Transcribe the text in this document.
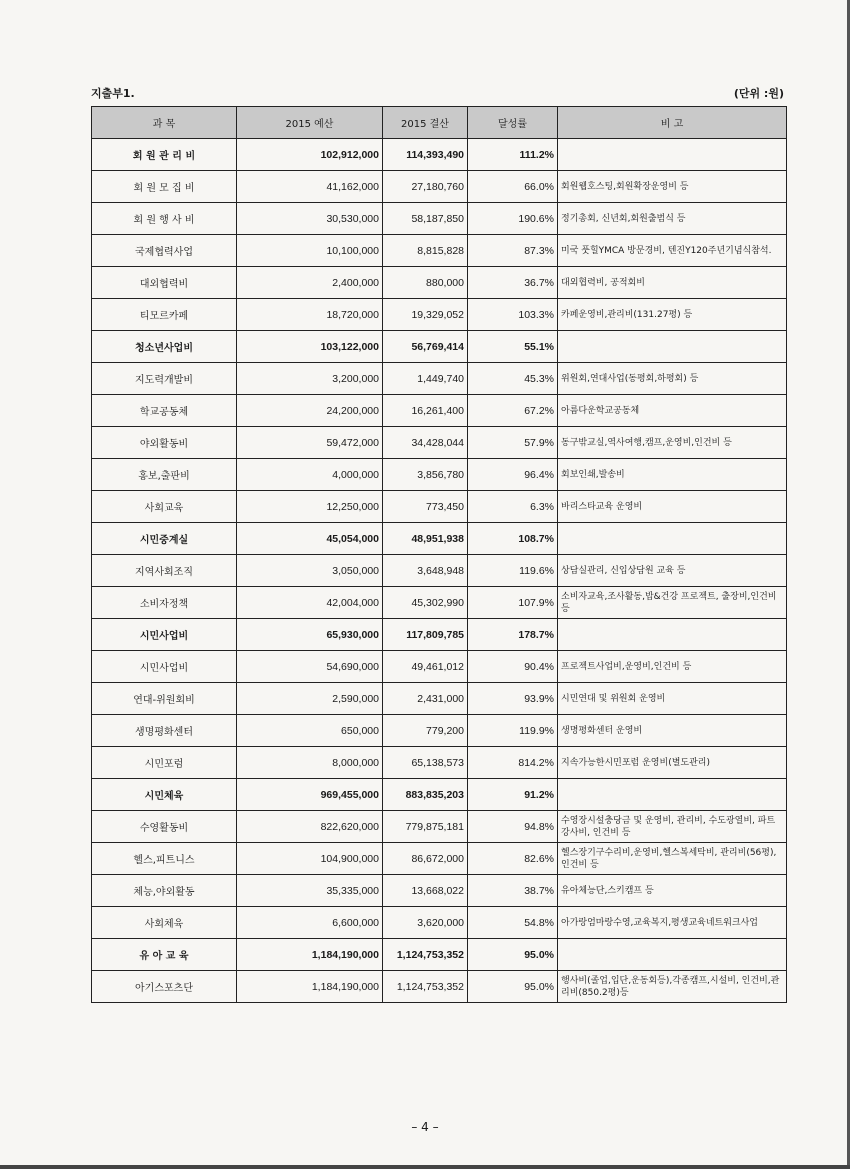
지출부1.	(단위 :원)
과 목	2015 예산	2015 결산	달성률	비 고
회 원 관 리 비	102,912,000	114,393,490	111.2%	
회 원 모 집 비	41,162,000	27,180,760	66.0%	회원웹호스팅,회원확장운영비 등
회 원 행 사 비	30,530,000	58,187,850	190.6%	정기총회, 신년회,회원출범식 등
국제협력사업	10,100,000	8,815,828	87.3%	미국 풋힐YMCA 방문경비, 텐진Y120주년기념식참석.
대외협력비	2,400,000	880,000	36.7%	대외협력비, 공적회비
티모르카페	18,720,000	19,329,052	103.3%	카페운영비,관리비(131.27평) 등
청소년사업비	103,122,000	56,769,414	55.1%	
지도력개발비	3,200,000	1,449,740	45.3%	위원회,연대사업(동평회,하평회) 등
학교공동체	24,200,000	16,261,400	67.2%	아름다운학교공동체
야외활동비	59,472,000	34,428,044	57.9%	동구밖교실,역사여행,캠프,운영비,인건비 등
홍보,출판비	4,000,000	3,856,780	96.4%	회보인쇄,발송비
사회교육	12,250,000	773,450	6.3%	바리스타교육 운영비
시민중계실	45,054,000	48,951,938	108.7%	
지역사회조직	3,050,000	3,648,948	119.6%	상담실관리, 신입상담원 교육 등
소비자정책	42,004,000	45,302,990	107.9%	소비자교육,조사활동,밥&건강 프로젝트, 출장비,인건비 등
시민사업비	65,930,000	117,809,785	178.7%	
시민사업비	54,690,000	49,461,012	90.4%	프로젝트사업비,운영비,인건비 등
연대-위원회비	2,590,000	2,431,000	93.9%	시민연대 및 위원회 운영비
생명평화센터	650,000	779,200	119.9%	생명평화센터 운영비
시민포럼	8,000,000	65,138,573	814.2%	지속가능한시민포럼 운영비(별도관리)
시민체육	969,455,000	883,835,203	91.2%	
수영활동비	822,620,000	779,875,181	94.8%	수영장시설충당금 및 운영비, 관리비, 수도광열비, 파트강사비, 인건비 등
헬스,피트니스	104,900,000	86,672,000	82.6%	헬스장기구수리비,운영비,헬스복세탁비, 관리비(56평),인건비 등
체능,야외활동	35,335,000	13,668,022	38.7%	유아체능단,스키캠프 등
사회체육	6,600,000	3,620,000	54.8%	아가랑엄마랑수영,교육복지,평생교육네트워크사업
유 아 교 육	1,184,190,000	1,124,753,352	95.0%	
아기스포츠단	1,184,190,000	1,124,753,352	95.0%	행사비(졸업,입단,운동회등),각종캠프,시설비, 인건비,관리비(850.2평)등
– 4 –
